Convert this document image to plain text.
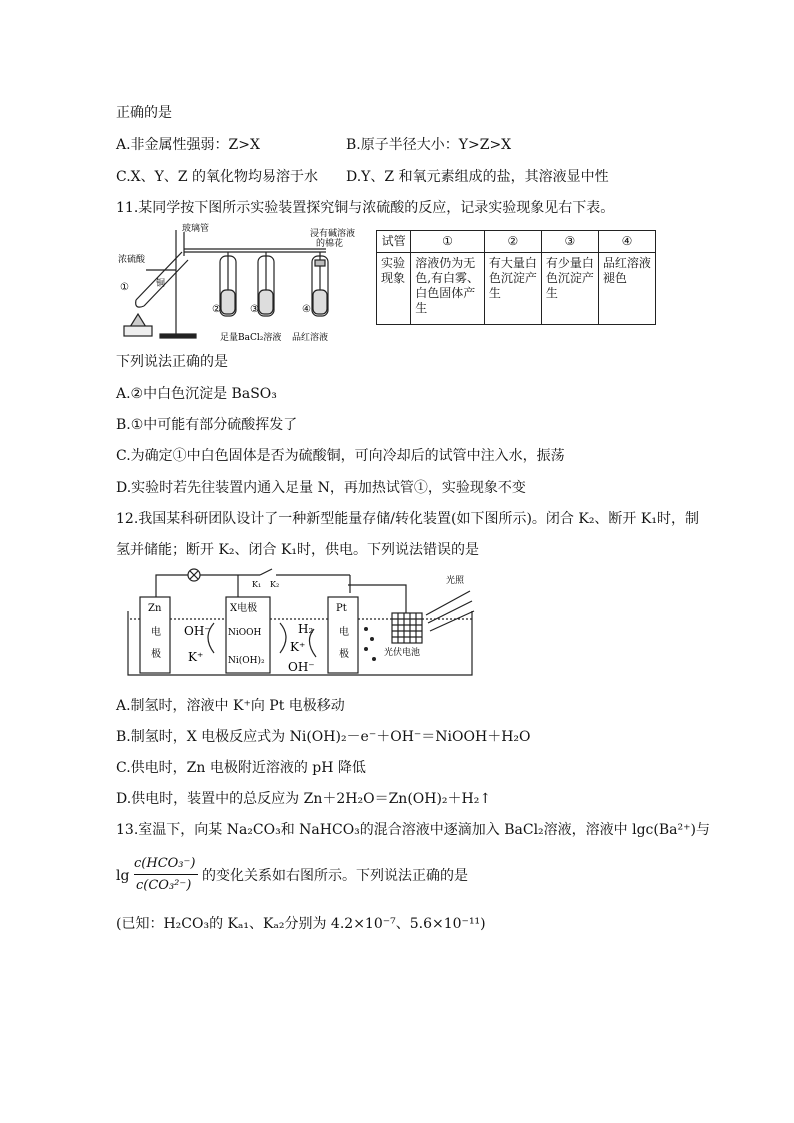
正确的是
A.非金属性强弱：Z>X	B.原子半径大小：Y>Z>X
C.X、Y、Z 的氧化物均易溶于水 D.Y、Z 和氧元素组成的盐，其溶液显中性
11.某同学按下图所示实验装置探究铜与浓硫酸的反应，记录实验现象见右下表。
玻璃管
浓硫酸
铜
①
②	③	④
浸有碱溶液
的棉花
足量BaCl₂溶液 品红溶液
试管	①	②	③	④
实验现象	溶液仍为无色,有白雾、白色固体产生	有大量白色沉淀产生	有少量白色沉淀产生	品红溶液褪色
下列说法正确的是
A.②中白色沉淀是 BaSO₃
B.①中可能有部分硫酸挥发了
C.为确定①中白色固体是否为硫酸铜，可向冷却后的试管中注入水，振荡
D.实验时若先往装置内通入足量 N，再加热试管①，实验现象不变
12.我国某科研团队设计了一种新型能量存储/转化装置(如下图所示)。闭合 K₂、断开 K₁时，制
氢并储能；断开 K₂、闭合 K₁时，供电。下列说法错误的是
Zn
电
极
X电极
NiOOH
Ni(OH)₂
Pt
电
极
OH⁻
K⁺
H₂
K⁺
OH⁻
K₁ K₂	光照
光伏电池
A.制氢时，溶液中 K⁺向 Pt 电极移动
B.制氢时，X 电极反应式为 Ni(OH)₂－e⁻＋OH⁻＝NiOOH＋H₂O
C.供电时，Zn 电极附近溶液的 pH 降低
D.供电时，装置中的总反应为 Zn＋2H₂O＝Zn(OH)₂＋H₂↑
13.室温下，向某 Na₂CO₃和 NaHCO₃的混合溶液中逐滴加入 BaCl₂溶液，溶液中 lgc(Ba²⁺)与
lg
c(HCO₃⁻)
c(CO₃²⁻)
的变化关系如右图所示。下列说法正确的是
(已知：H₂CO₃的 Kₐ₁、Kₐ₂分别为 4.2×10⁻⁷、5.6×10⁻¹¹)
